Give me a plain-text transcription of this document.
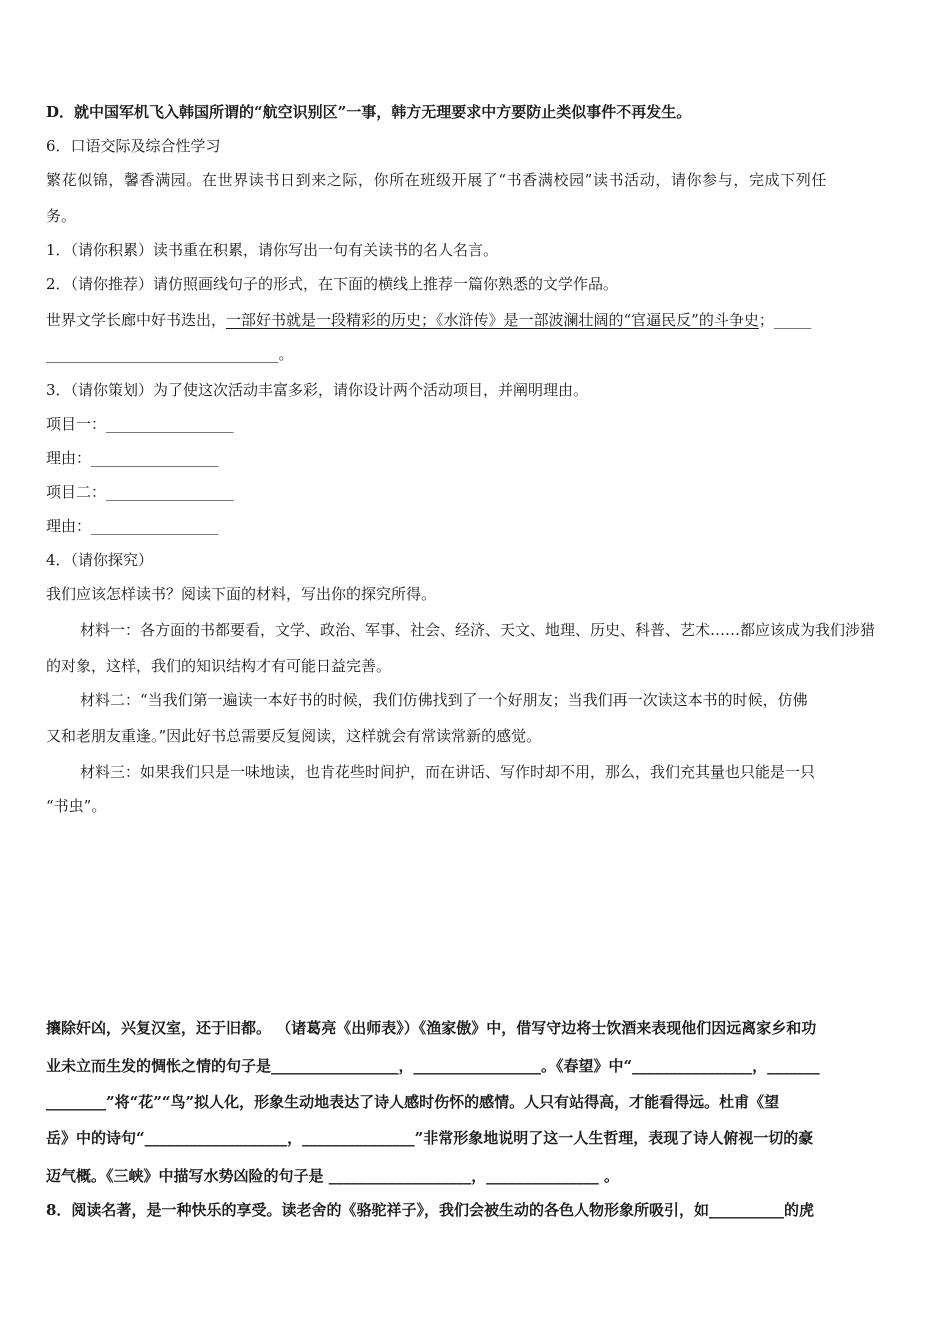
D．就中国军机飞入韩国所谓的“航空识别区”一事，韩方无理要求中方要防止类似事件不再发生。
6．口语交际及综合性学习
繁花似锦，馨香满园。在世界读书日到来之际，你所在班级开展了“书香满校园”读书活动，请你参与，完成下列任
务。
1．（请你积累）读书重在积累，请你写出一句有关读书的名人名言。
2．（请你推荐）请仿照画线句子的形式，在下面的横线上推荐一篇你熟悉的文学作品。
世界文学长廊中好书迭出，一部好书就是一段精彩的历史；《水浒传》是一部波澜壮阔的“官逼民反”的斗争史；_____
_______________________________。
3．（请你策划）为了使这次活动丰富多彩，请你设计两个活动项目，并阐明理由。
项目一：_________________
理由：_________________
项目二：_________________
理由：_________________
4．（请你探究）
我们应该怎样读书？阅读下面的材料，写出你的探究所得。
材料一：各方面的书都要看，文学、政治、军事、社会、经济、天文、地理、历史、科普、艺术……都应该成为我们涉猎
的对象，这样，我们的知识结构才有可能日益完善。
材料二：“当我们第一遍读一本好书的时候，我们仿佛找到了一个好朋友；当我们再一次读这本书的时候，仿佛
又和老朋友重逢。”因此好书总需要反复阅读，这样就会有常读常新的感觉。
材料三：如果我们只是一味地读，也肯花些时间护，而在讲话、写作时却不用，那么，我们充其量也只能是一只
“书虫”。
攘除奸凶，兴复汉室，还于旧都。 （诸葛亮《出师表》）《渔家傲》中，借写守边将士饮酒来表现他们因远离家乡和功
业未立而生发的惆怅之情的句子是_________________，_________________。《春望》中“________________，_______
________”将“花”“鸟”拟人化，形象生动地表达了诗人感时伤怀的感情。人只有站得高，才能看得远。杜甫《望
岳》中的诗句“___________________，_______________”非常形象地说明了这一人生哲理，表现了诗人俯视一切的豪
迈气概。《三峡》中描写水势凶险的句子是 ___________________，_______________ 。
8．阅读名著，是一种快乐的享受。读老舍的《骆驼祥子》，我们会被生动的各色人物形象所吸引，如__________的虎
